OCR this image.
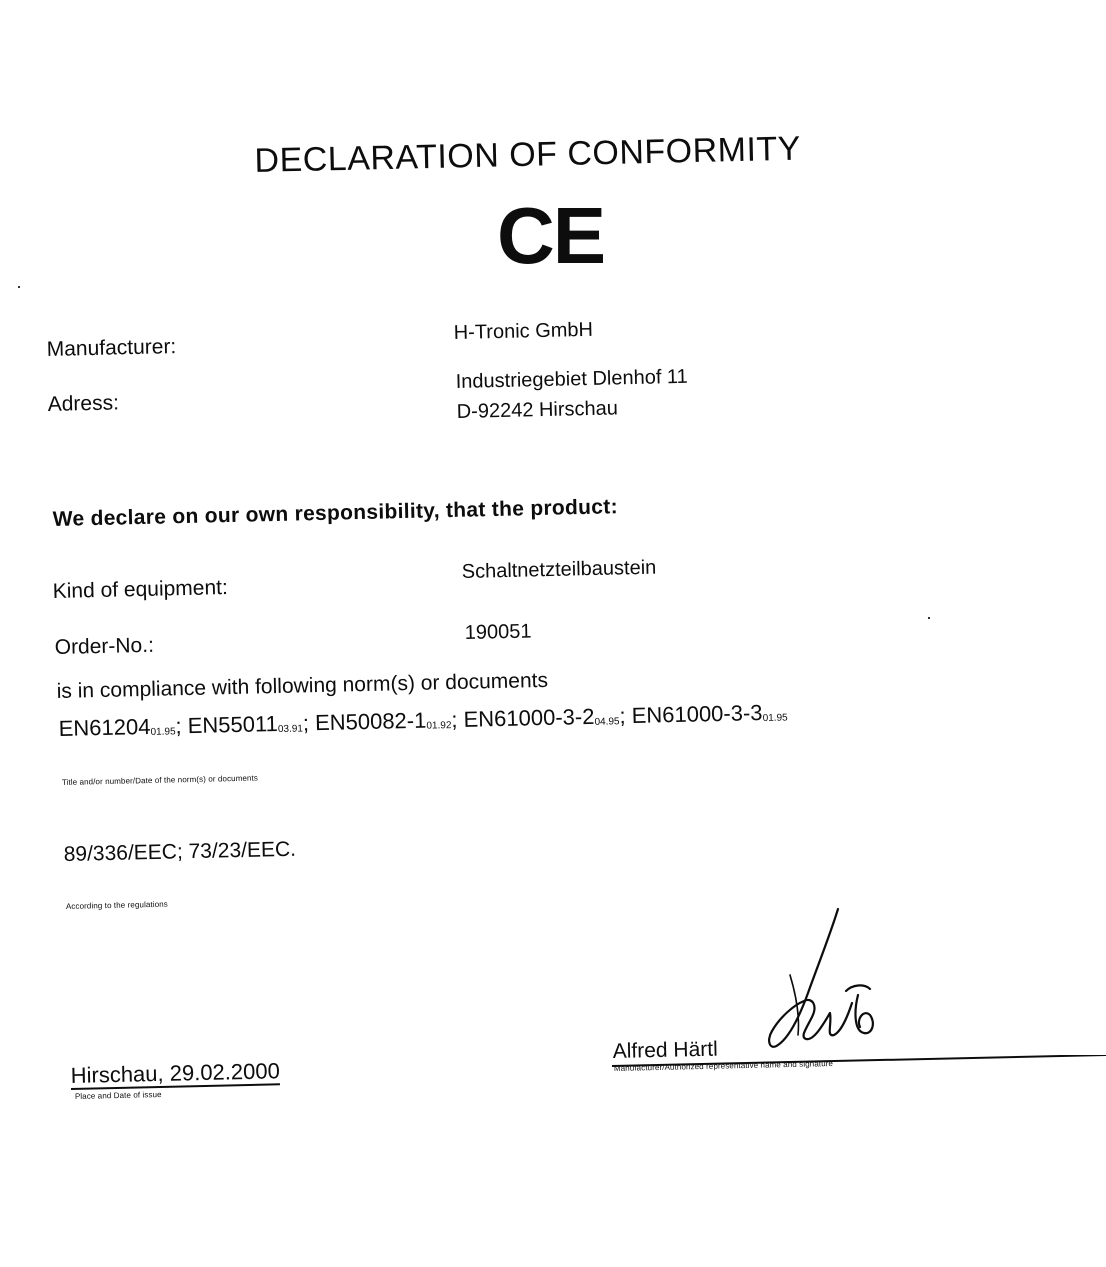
DECLARATION OF CONFORMITY
CE
Manufacturer:
H-Tronic GmbH
Adress:
Industriegebiet Dlenhof 11
D-92242 Hirschau
We declare on our own responsibility, that the product:
Kind of equipment:
Schaltnetzteilbaustein
Order-No.:
190051
is in compliance with following norm(s) or documents
$EN61204_{01.95}$; $EN55011_{03.91}$; $EN50082-1_{01.92}$; $EN61000-3-2_{04.95}$; $EN61000-3-3_{01.95}$
Title and/or number/Date of the norm(s) or documents
89/336/EEC; 73/23/EEC.
According to the regulations
Alfred Härtl
Manufacturer/Authorized representative name and signature
Hirschau, 29.02.2000
Place and Date of issue
